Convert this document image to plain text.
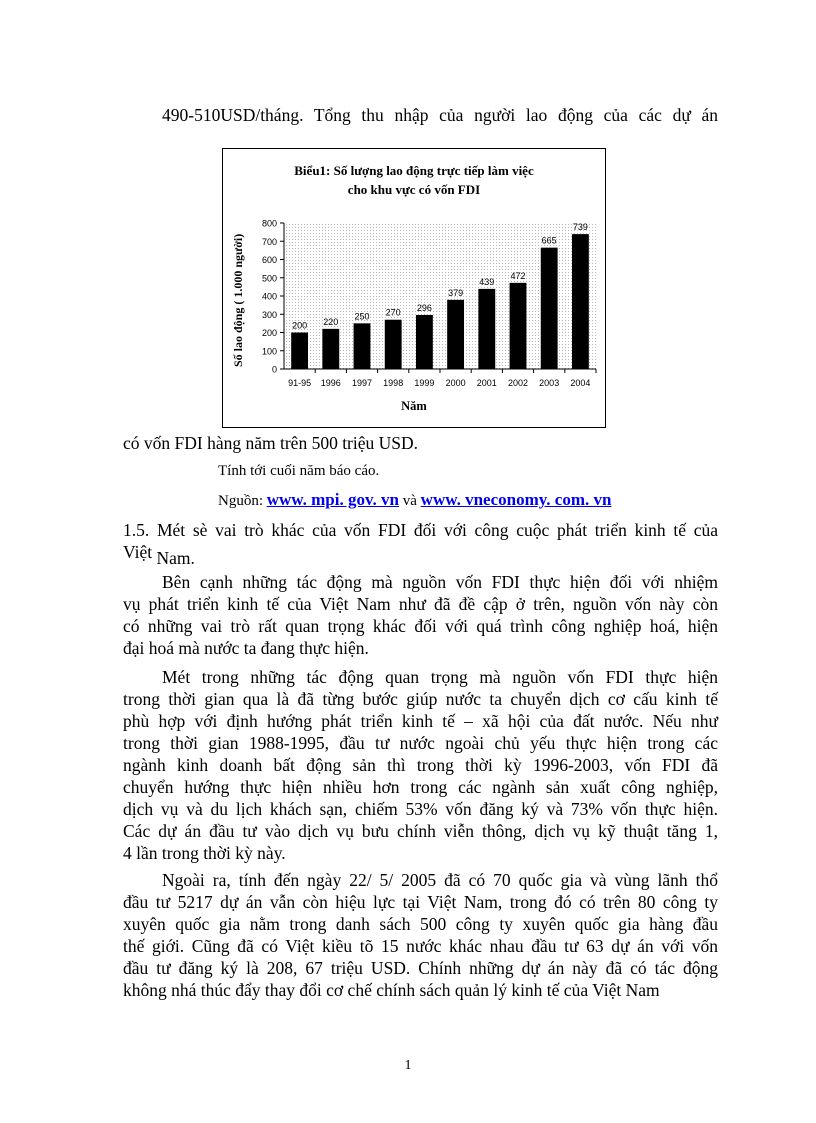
490-510USD/tháng. Tổng thu nhập của người lao động của các dự án
Biểu1: Số lượng lao động trực tiếp làm việc
cho khu vực có vốn FDI
Số lao động ( 1.000 người)
0
100
200
300
400
500
600
700
800
200
91-95
220
1996
250
1997
270
1998
296
1999
379
2000
439
2001
472
2002
665
2003
739
2004
Năm
có vốn FDI hàng năm trên 500 triệu USD.
Tính tới cuối năm báo cáo.
Nguồn: www. mpi. gov. vn và www. vneconomy. com. vn
1.5. Mét sè vai trò khác của vốn FDI đối với công cuộc phát triển kinh tế của
Việt Nam.
Bên cạnh những tác động mà nguồn vốn FDI thực hiện đối với nhiệm
vụ phát triển kinh tế của Việt Nam như đã đề cập ở trên, nguồn vốn này còn
có những vai trò rất quan trọng khác đối với quá trình công nghiệp hoá, hiện
đại hoá mà nước ta đang thực hiện.
Mét trong những tác động quan trọng mà nguồn vốn FDI thực hiện
trong thời gian qua là đã từng bước giúp nước ta chuyển dịch cơ cấu kinh tế
phù hợp với định hướng phát triển kinh tế – xã hội của đất nước. Nếu như
trong thời gian 1988-1995, đầu tư nước ngoài chủ yếu thực hiện trong các
ngành kinh doanh bất động sản thì trong thời kỳ 1996-2003, vốn FDI đã
chuyển hướng thực hiện nhiều hơn trong các ngành sản xuất công nghiệp,
dịch vụ và du lịch khách sạn, chiếm 53% vốn đăng ký và 73% vốn thực hiện.
Các dự án đầu tư vào dịch vụ bưu chính viễn thông, dịch vụ kỹ thuật tăng 1,
4 lần trong thời kỳ này.
Ngoài ra, tính đến ngày 22/ 5/ 2005 đã có 70 quốc gia và vùng lãnh thổ
đầu tư 5217 dự án vẫn còn hiệu lực tại Việt Nam, trong đó có trên 80 công ty
xuyên quốc gia nằm trong danh sách 500 công ty xuyên quốc gia hàng đầu
thế giới. Cũng đã có Việt kiều tõ 15 nước khác nhau đầu tư 63 dự án với vốn
đầu tư đăng ký là 208, 67 triệu USD. Chính những dự án này đã có tác động
không nhá thúc đẩy thay đổi cơ chế chính sách quản lý kinh tế của Việt Nam
1
